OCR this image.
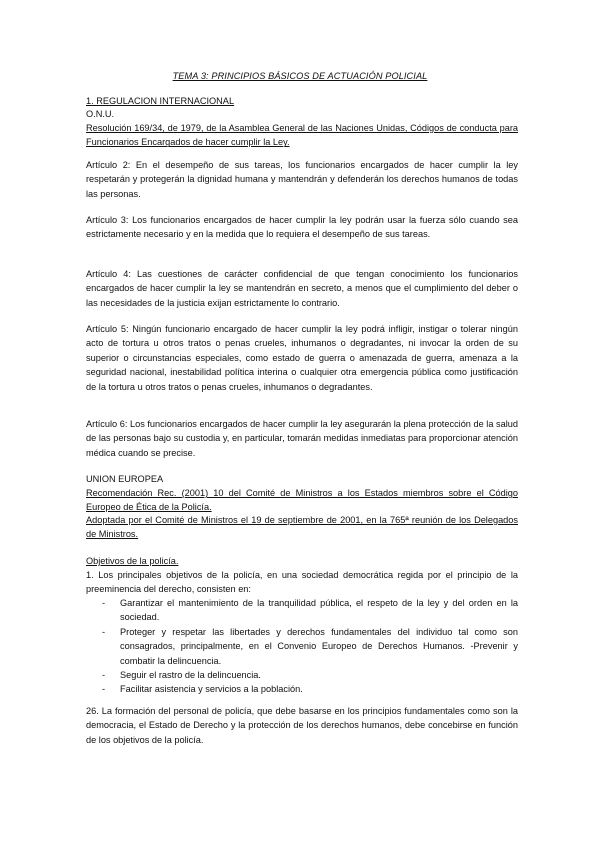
TEMA 3: PRINCIPIOS BÁSICOS DE ACTUACIÓN POLICIAL
1. REGULACION INTERNACIONAL
O.N.U.
Resolución 169/34, de 1979, de la Asamblea General de las Naciones Unidas, Códigos de conducta para Funcionarios Encargados de hacer cumplir la Ley.

Artículo 2: En el desempeño de sus tareas, los funcionarios encargados de hacer cumplir la ley respetarán y protegerán la dignidad humana y mantendrán y defenderán los derechos humanos de todas las personas.

Artículo 3: Los funcionarios encargados de hacer cumplir la ley podrán usar la fuerza sólo cuando sea estrictamente necesario y en la medida que lo requiera el desempeño de sus tareas.

Artículo 4: Las cuestiones de carácter confidencial de que tengan conocimiento los funcionarios encargados de hacer cumplir la ley se mantendrán en secreto, a menos que el cumplimiento del deber o las necesidades de la justicia exijan estrictamente lo contrario.

Artículo 5: Ningún funcionario encargado de hacer cumplir la ley podrá infligir, instigar o tolerar ningún acto de tortura u otros tratos o penas crueles, inhumanos o degradantes, ni invocar la orden de su superior o circunstancias especiales, como estado de guerra o amenazada de guerra, amenaza a la seguridad nacional, inestabilidad política interina o cualquier otra emergencia pública como justificación de la tortura u otros tratos o penas crueles, inhumanos o degradantes.

Artículo 6: Los funcionarios encargados de hacer cumplir la ley asegurarán la plena protección de la salud de las personas bajo su custodia y, en particular, tomarán medidas inmediatas para proporcionar atención médica cuando se precise.

UNION EUROPEA
Recomendación Rec. (2001) 10 del Comité de Ministros a los Estados miembros sobre el Código Europeo de Ética de la Policía.
Adoptada por el Comité de Ministros el 19 de septiembre de 2001, en la 765ª reunión de los Delegados de Ministros.
Objetivos de la policía.

1. Los principales objetivos de la policía, en una sociedad democrática regida por el principio de la preeminencia del derecho, consisten en:

- Garantizar el mantenimiento de la tranquilidad pública, el respeto de la ley y del orden en la sociedad.
- Proteger y respetar las libertades y derechos fundamentales del individuo tal como son consagrados, principalmente, en el Convenio Europeo de Derechos Humanos. -Prevenir y combatir la delincuencia.
- Seguir el rastro de la delincuencia.
- Facilitar asistencia y servicios a la población.

26. La formación del personal de policía, que debe basarse en los principios fundamentales como son la democracia, el Estado de Derecho y la protección de los derechos humanos, debe concebirse en función de los objetivos de la policía.
